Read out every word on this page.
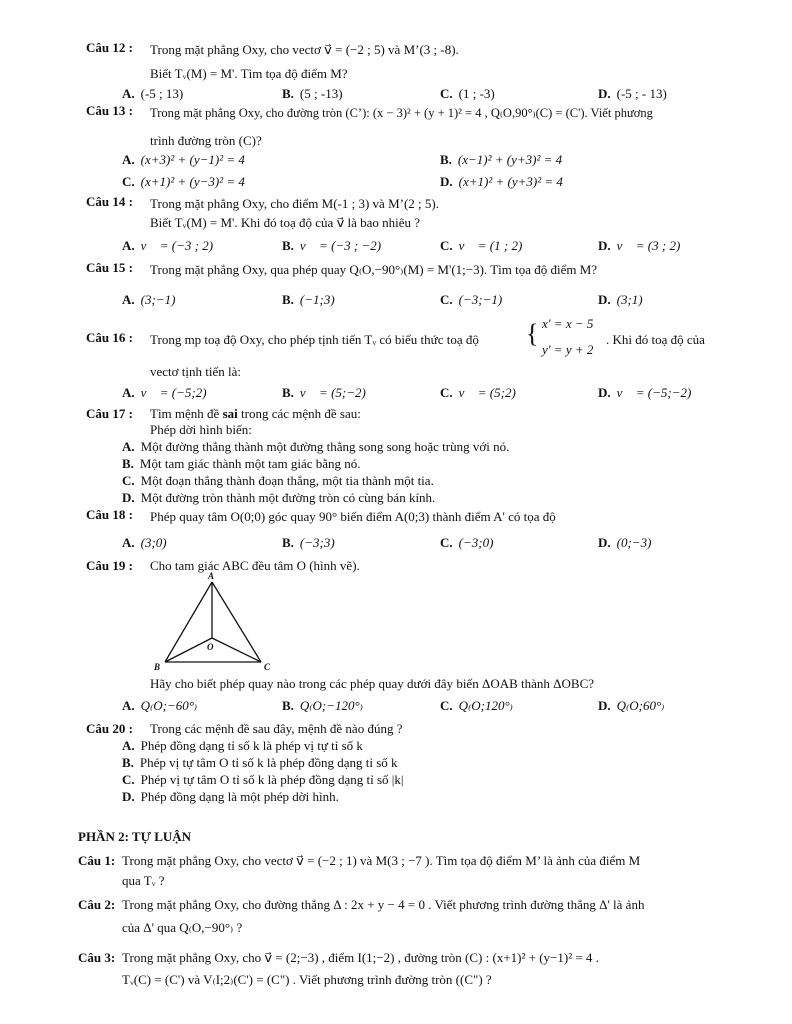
Câu 12 : Trong mặt phẳng Oxy, cho vectơ v⃗ = (−2 ; 5) và M’(3 ; -8).
Biết Tᵥ(M) = M'. Tìm tọa độ điểm M?
A. (-5 ; 13)	B. (5 ; -13)	C. (1 ; -3)	D. (-5 ; - 13)
Câu 13 : Trong mặt phẳng Oxy, cho đường tròn (C’): (x − 3)² + (y + 1)² = 4 , Q₍O,90°₎(C) = (C'). Viết phương
trình đường tròn (C)?
A. (x+3)² + (y−1)² = 4	B. (x−1)² + (y+3)² = 4
C. (x+1)² + (y−3)² = 4	D. (x+1)² + (y+3)² = 4
Câu 14 : Trong mặt phẳng Oxy, cho điểm M(-1 ; 3) và M’(2 ; 5).
Biết Tᵥ(M) = M'. Khi đó toạ độ của v⃗ là bao nhiêu ?
A. v⃗ = (−3 ; 2)	B. v⃗ = (−3 ; −2)	C. v⃗ = (1 ; 2)	D. v⃗ = (3 ; 2)
Câu 15 : Trong mặt phẳng Oxy, qua phép quay Q₍O,−90°₎(M) = M'(1;−3). Tìm tọa độ điểm M?
A. (3;−1)	B. (−1;3)	C. (−3;−1)	D. (3;1)
Câu 16 : Trong mp toạ độ Oxy, cho phép tịnh tiến Tᵥ có biểu thức toạ độ { x' = x − 5
y' = y + 2
. Khi đó toạ độ của
vectơ tịnh tiến là:
A. v⃗ = (−5;2)	B. v⃗ = (5;−2)	C. v⃗ = (5;2)	D. v⃗ = (−5;−2)
Câu 17 : Tìm mệnh đề sai trong các mệnh đề sau:
Phép dời hình biến:
A. Một đường thẳng thành một đường thẳng song song hoặc trùng với nó.
B. Một tam giác thành một tam giác bằng nó.
C. Một đoạn thẳng thành đoạn thẳng, một tia thành một tia.
D. Một đường tròn thành một đường tròn có cùng bán kính.
Câu 18 : Phép quay tâm O(0;0) góc quay 90° biến điểm A(0;3) thành điểm A' có tọa độ
A. (3;0)	B. (−3;3)	C. (−3;0)	D. (0;−3)
Câu 19 : Cho tam giác ABC đều tâm O (hình vẽ).
A
B	C
O
Hãy cho biết phép quay nào trong các phép quay dưới đây biến ΔOAB thành ΔOBC?
A. Q₍O;−60°₎	B. Q₍O;−120°₎	C. Q₍O;120°₎	D. Q₍O;60°₎
Câu 20 : Trong các mệnh đề sau đây, mệnh đề nào đúng ?
A. Phép đồng dạng tỉ số k là phép vị tự tỉ số k
B. Phép vị tự tâm O tỉ số k là phép đồng dạng tỉ số k
C. Phép vị tự tâm O tỉ số k là phép đồng dạng tỉ số |k|
D. Phép đồng dạng là một phép dời hình.
PHẦN 2: TỰ LUẬN
Câu 1: Trong mặt phẳng Oxy, cho vectơ v⃗ = (−2 ; 1) và M(3 ; −7 ). Tìm tọa độ điểm M’ là ảnh của điểm M
qua Tᵥ ?
Câu 2: Trong mặt phẳng Oxy, cho đường thẳng Δ : 2x + y − 4 = 0 . Viết phương trình đường thẳng Δ' là ảnh
của Δ' qua Q₍O,−90°₎ ?
Câu 3: Trong mặt phẳng Oxy, cho v⃗ = (2;−3) , điểm I(1;−2) , đường tròn (C) : (x+1)² + (y−1)² = 4 .
Tᵥ(C) = (C') và V₍I;2₎(C') = (C") . Viết phương trình đường tròn ((C") ?
